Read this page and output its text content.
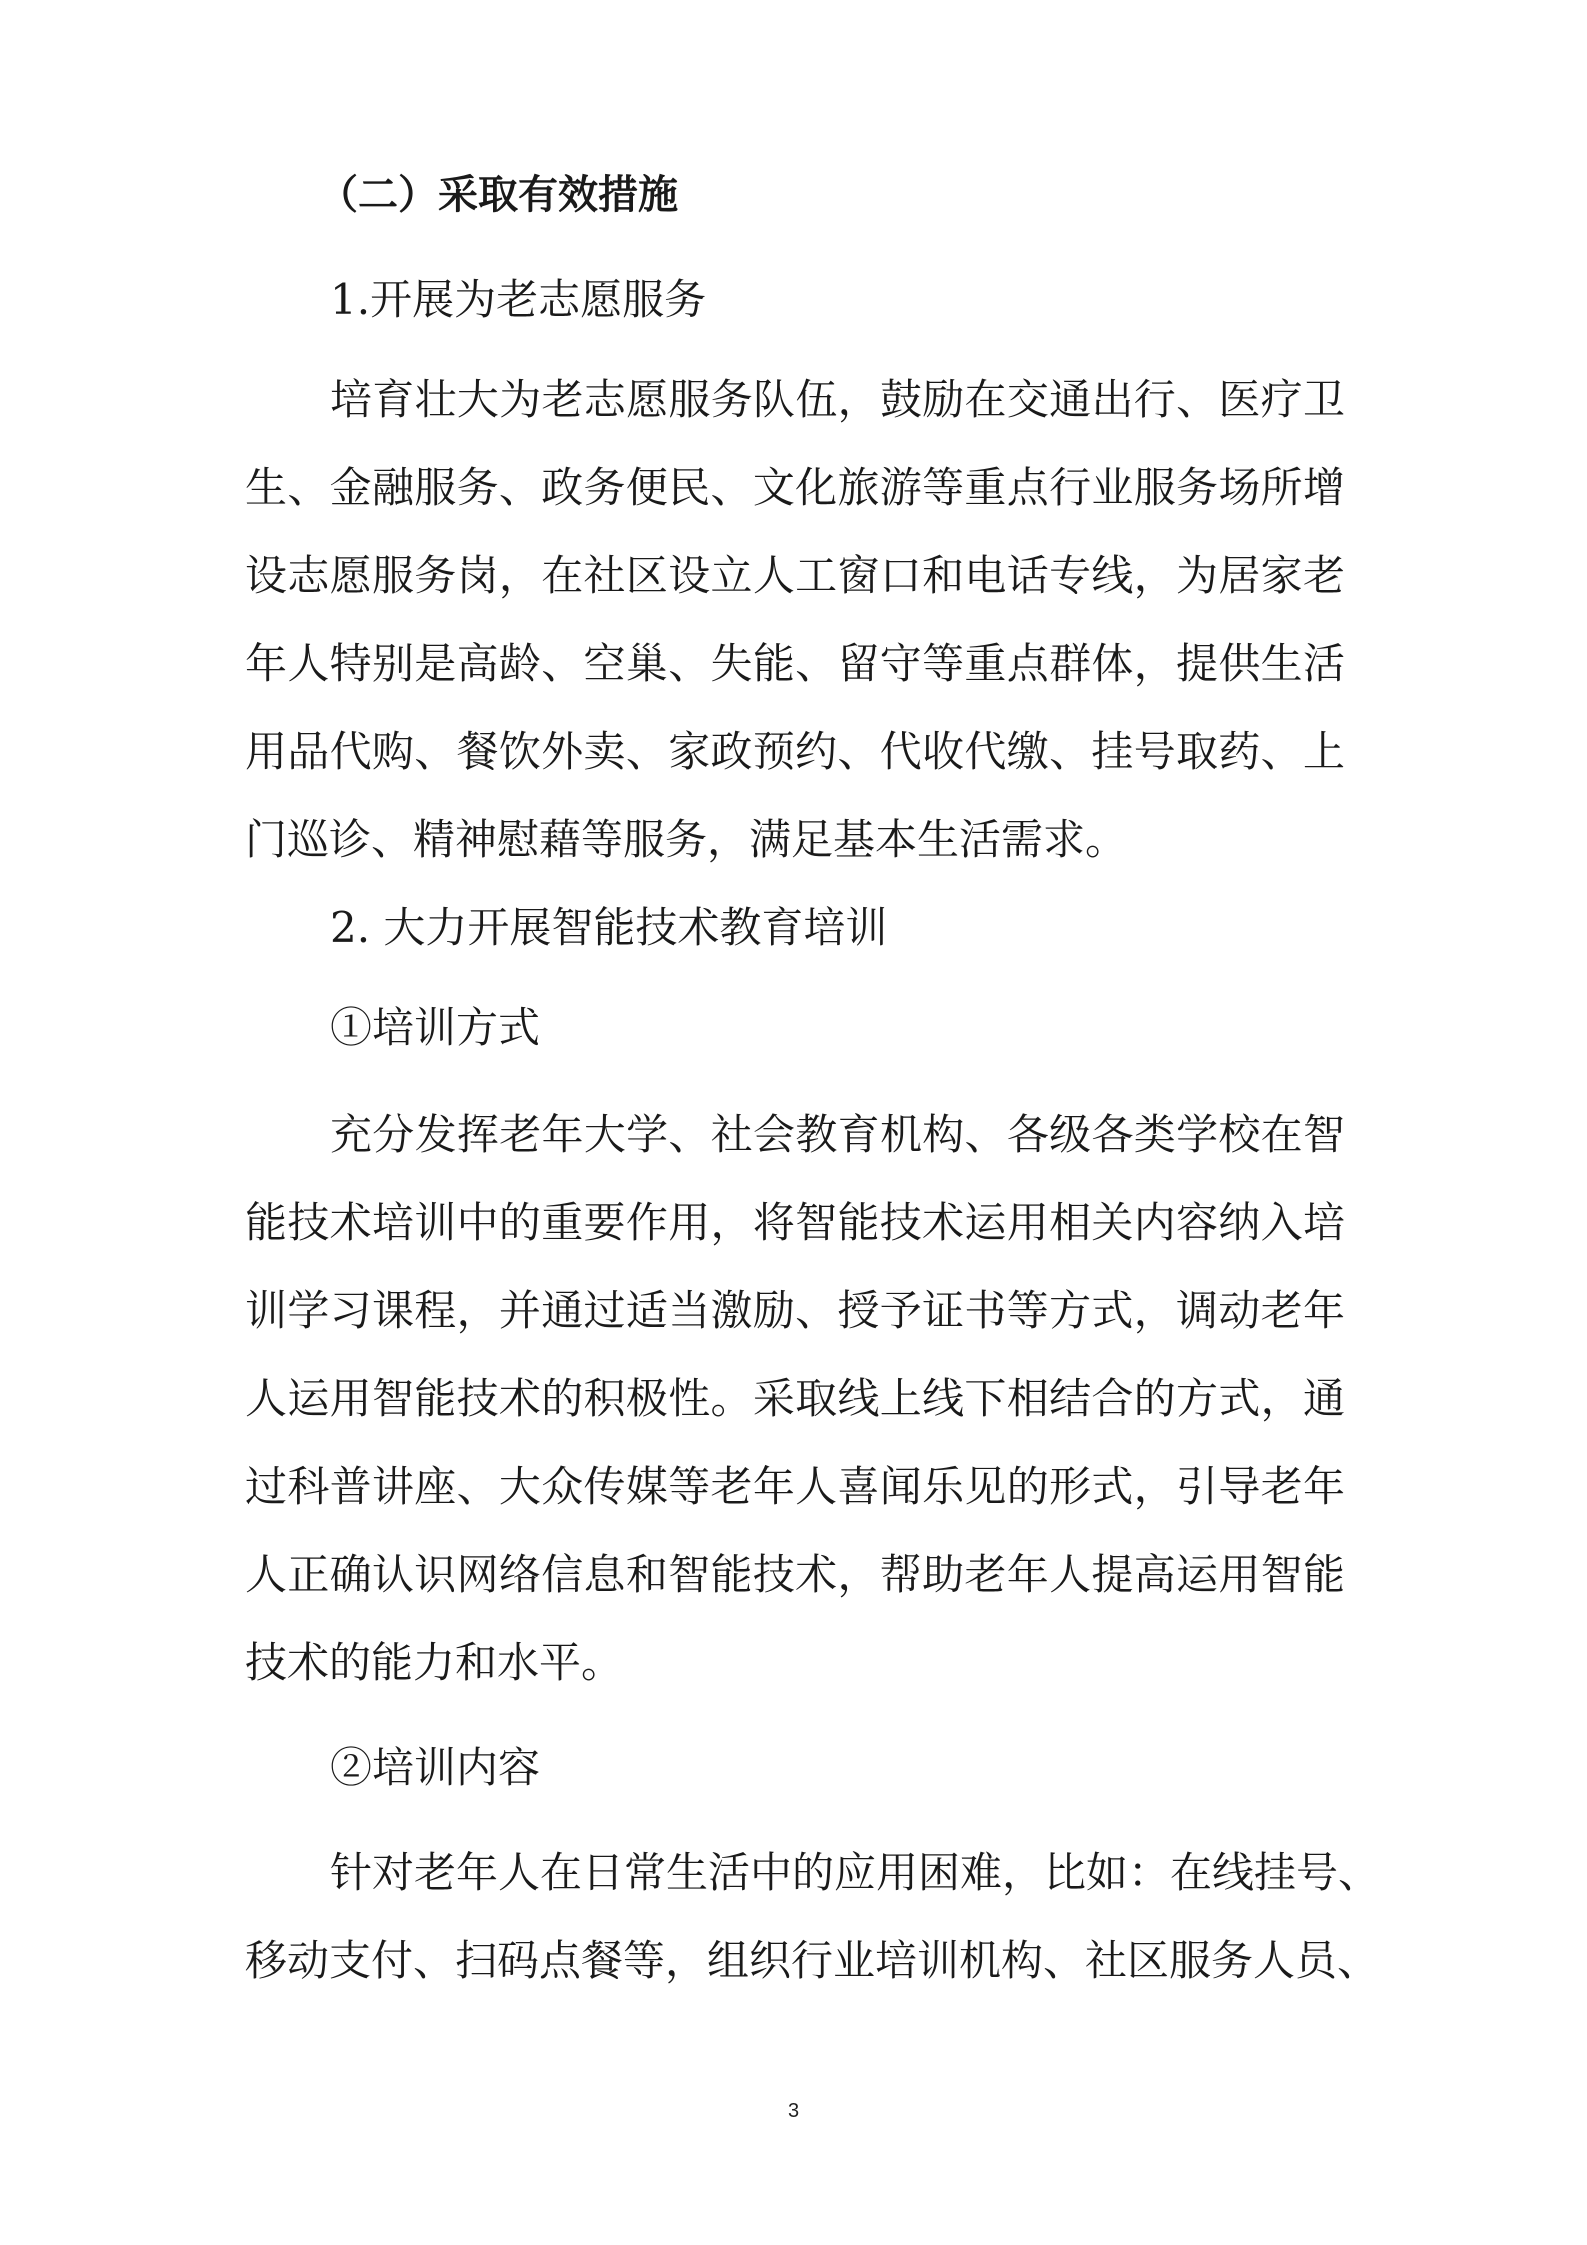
（二）采取有效措施
1.开展为老志愿服务
培育壮大为老志愿服务队伍，鼓励在交通出行、医疗卫
生、金融服务、政务便民、文化旅游等重点行业服务场所增
设志愿服务岗，在社区设立人工窗口和电话专线，为居家老
年人特别是高龄、空巢、失能、留守等重点群体，提供生活
用品代购、餐饮外卖、家政预约、代收代缴、挂号取药、上
门巡诊、精神慰藉等服务，满足基本生活需求。
2. 大力开展智能技术教育培训
①培训方式
充分发挥老年大学、社会教育机构、各级各类学校在智
能技术培训中的重要作用，将智能技术运用相关内容纳入培
训学习课程，并通过适当激励、授予证书等方式，调动老年
人运用智能技术的积极性。采取线上线下相结合的方式，通
过科普讲座、大众传媒等老年人喜闻乐见的形式，引导老年
人正确认识网络信息和智能技术，帮助老年人提高运用智能
技术的能力和水平。
②培训内容
针对老年人在日常生活中的应用困难，比如：在线挂号、
移动支付、扫码点餐等，组织行业培训机构、社区服务人员、
3
